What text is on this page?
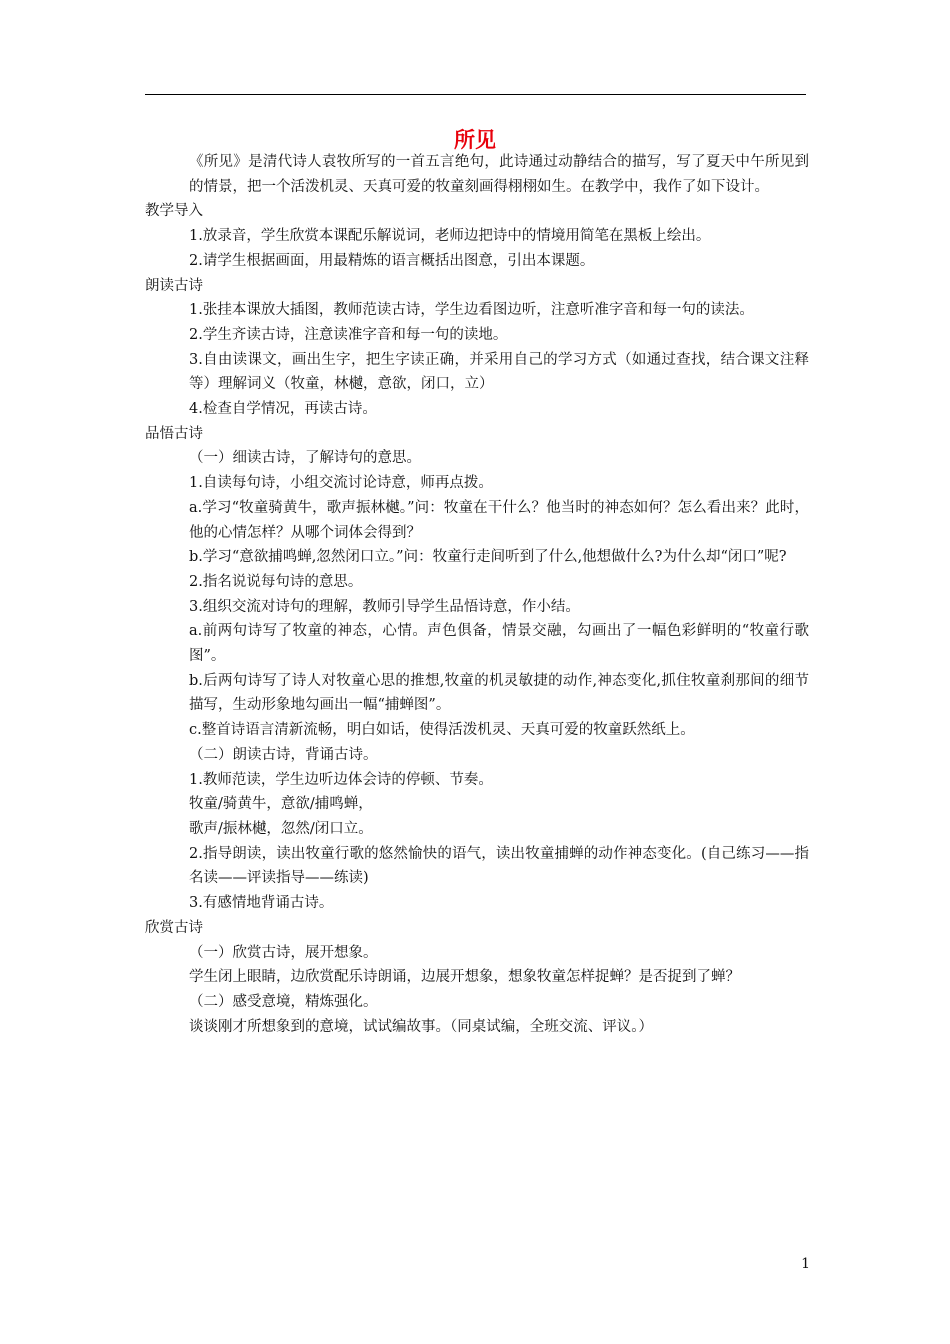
所见

《所见》是清代诗人袁牧所写的一首五言绝句，此诗通过动静结合的描写，写了夏天中午所见到的情景，把一个活泼机灵、天真可爱的牧童刻画得栩栩如生。在教学中，我作了如下设计。

教学导入

1.放录音，学生欣赏本课配乐解说词，老师边把诗中的情境用简笔在黑板上绘出。

2.请学生根据画面，用最精炼的语言概括出图意，引出本课题。

朗读古诗

1.张挂本课放大插图，教师范读古诗，学生边看图边听，注意听准字音和每一句的读法。

2.学生齐读古诗，注意读准字音和每一句的读地。

3.自由读课文，画出生字，把生字读正确，并采用自己的学习方式（如通过查找，结合课文注释等）理解词义（牧童，林樾，意欲，闭口，立）

4.检查自学情况，再读古诗。

品悟古诗

（一）细读古诗，了解诗句的意思。

1.自读每句诗，小组交流讨论诗意，师再点拨。

a.学习“牧童骑黄牛，歌声振林樾。”问：牧童在干什么？他当时的神态如何？怎么看出来？此时，他的心情怎样？从哪个词体会得到？

b.学习“意欲捕鸣蝉,忽然闭口立。”问：牧童行走间听到了什么,他想做什么?为什么却“闭口”呢?

2.指名说说每句诗的意思。

3.组织交流对诗句的理解，教师引导学生品悟诗意，作小结。

a.前两句诗写了牧童的神态，心情。声色俱备，情景交融，勾画出了一幅色彩鲜明的“牧童行歌图”。

b.后两句诗写了诗人对牧童心思的推想,牧童的机灵敏捷的动作,神态变化,抓住牧童刹那间的细节描写，生动形象地勾画出一幅“捕蝉图”。

c.整首诗语言清新流畅，明白如话，使得活泼机灵、天真可爱的牧童跃然纸上。

（二）朗读古诗，背诵古诗。

1.教师范读，学生边听边体会诗的停顿、节奏。

牧童/骑黄牛，意欲/捕鸣蝉，

歌声/振林樾，忽然/闭口立。

2.指导朗读，读出牧童行歌的悠然愉快的语气，读出牧童捕蝉的动作神态变化。(自己练习——指名读——评读指导——练读)

3.有感情地背诵古诗。

欣赏古诗

（一）欣赏古诗，展开想象。

学生闭上眼睛，边欣赏配乐诗朗诵，边展开想象，想象牧童怎样捉蝉？是否捉到了蝉？

（二）感受意境，精炼强化。

谈谈刚才所想象到的意境，试试编故事。（同桌试编，全班交流、评议。）

1
